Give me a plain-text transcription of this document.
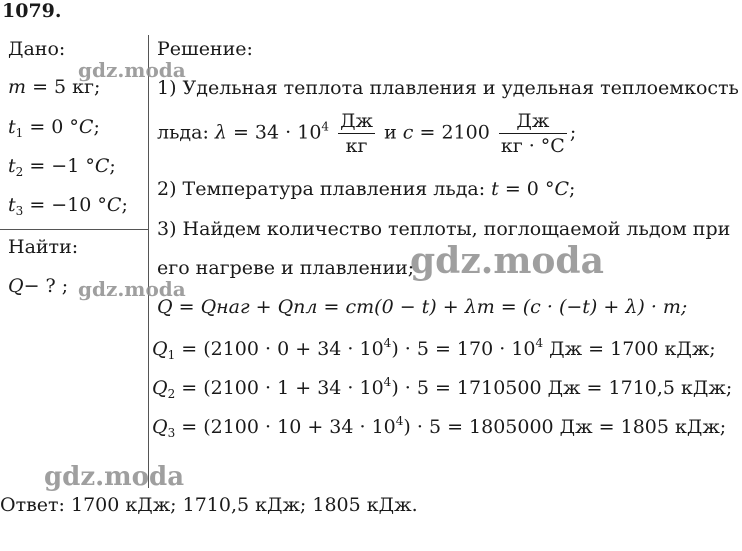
1079.
Дано:
m = 5 кг;
$t_1 = 0$ °C;
$t_2 = -1$ °C;
$t_3 = -10$ °C;
Найти:
Q− ? ;
Решение:
1) Удельная теплота плавления и удельная теплоемкость
льда: $\lambda = 34 \cdot 10^4 \frac{Дж}{кг}$ и $c = 2100 \frac{Дж}{кг \cdot ^\circ C}$ ;
2) Температура плавления льда: t = 0 °C;
3) Найдем количество теплоты, поглощаемой льдом при
его нагреве и плавлении;
Q = Qнаг + Qпл = cm(0 − t) + λm = (c · (−t) + λ) · m;
$Q_1 = (2100 \cdot 0 + 34 \cdot 10^4) \cdot 5 = 170 \cdot 10^4$ Дж = 1700 кДж;
$Q_2 = (2100 \cdot 1 + 34 \cdot 10^4) \cdot 5 = 1710500$ Дж = 1710,5 кДж;
$Q_3 = (2100 \cdot 10 + 34 \cdot 10^4) \cdot 5 = 1805000$ Дж = 1805 кДж;
Ответ: 1700 кДж; 1710,5 кДж; 1805 кДж.
gdz.moda
gdz.moda
gdz.moda
gdz.moda
